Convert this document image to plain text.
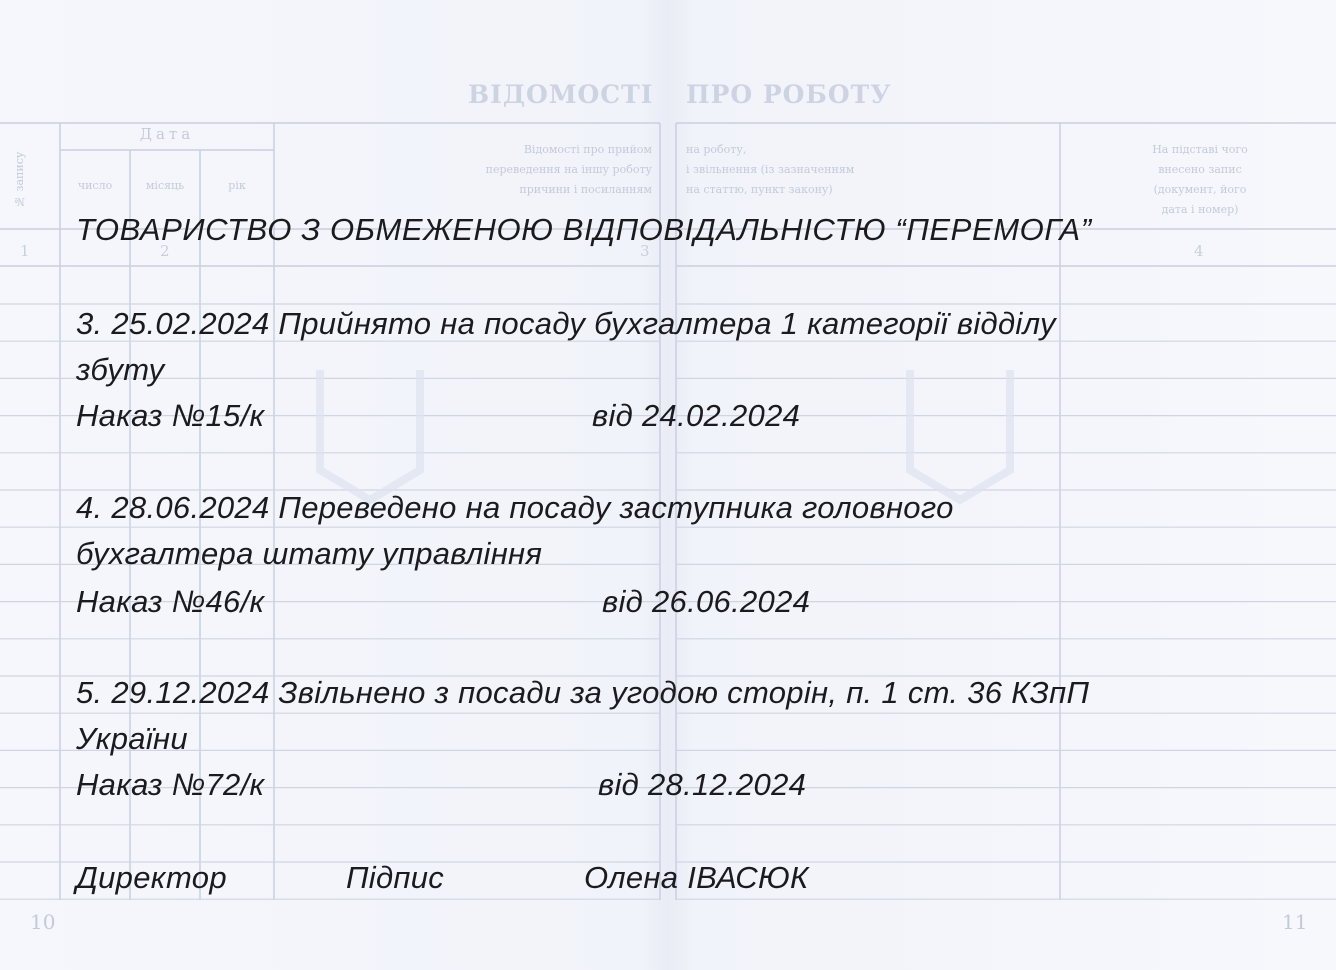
ВІДОМОСТІ ПРО РОБОТУ
№ запису
Дата
число	місяць	рік
Відомості про прийом
переведення на іншу роботу
причини і посиланням
на роботу,
і звільнення (із зазначенням
на статтю, пункт закону)
На підставі чого
внесено запис
(документ, його
дата і номер)
1	2	3	4
10	11
ТОВАРИСТВО З ОБМЕЖЕНОЮ ВІДПОВІДАЛЬНІСТЮ “ПЕРЕМОГА”
3. 25.02.2024 Прийнято на посаду бухгалтера 1 категорії відділу
збуту
Наказ №15/к	від 24.02.2024
4. 28.06.2024 Переведено на посаду заступника головного
бухгалтера штату управління
Наказ №46/к	від 26.06.2024
5. 29.12.2024 Звільнено з посади за угодою сторін, п. 1 ст. 36 КЗпП
України
Наказ №72/к	від 28.12.2024
Директор	Підпис	Олена ІВАСЮК
